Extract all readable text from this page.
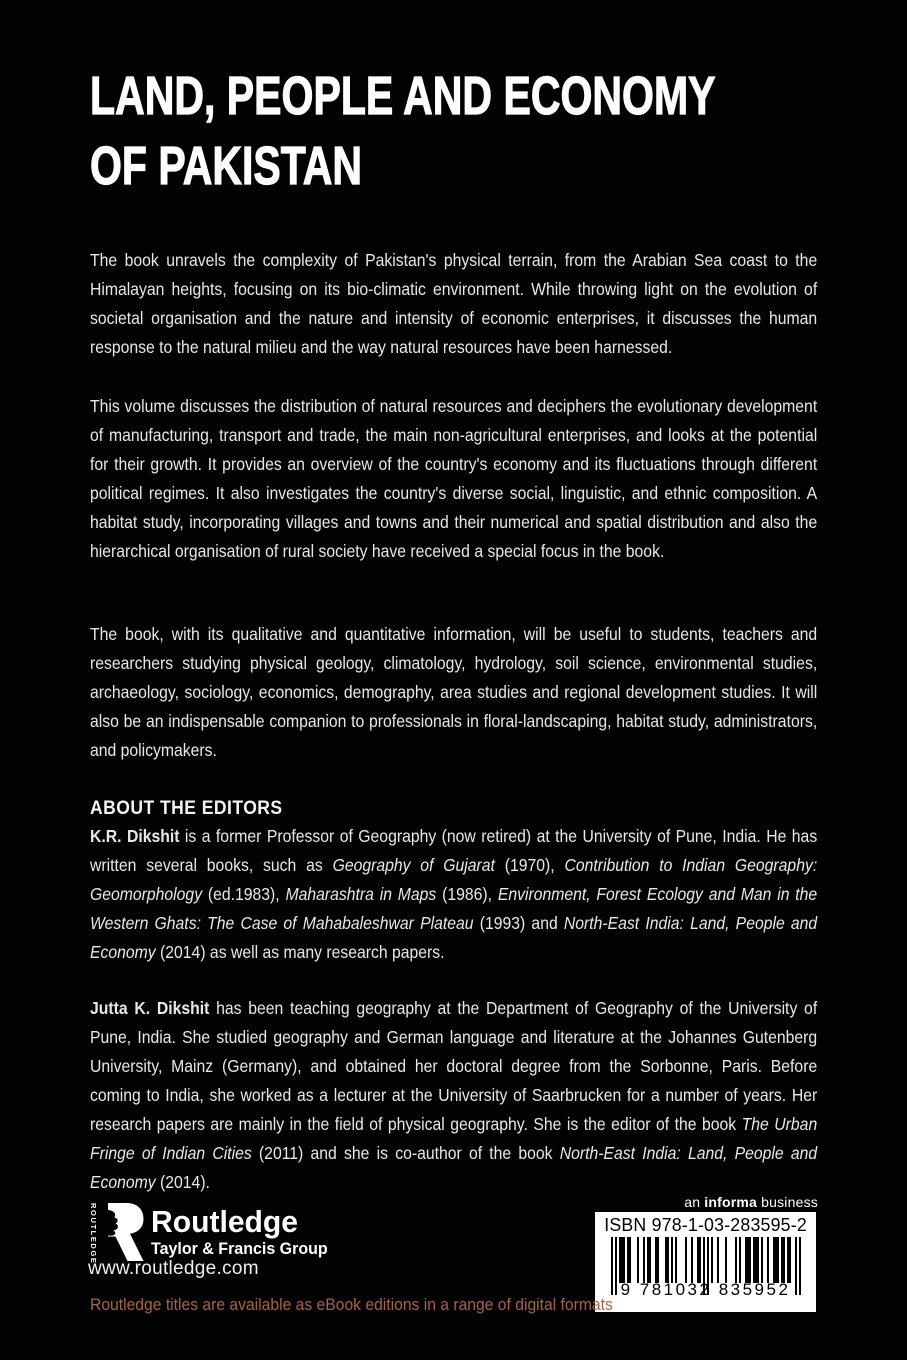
LAND, PEOPLE AND ECONOMY
OF PAKISTAN

The book unravels the complexity of Pakistan's physical terrain, from the Arabian Sea coast to the Himalayan heights, focusing on its bio-climatic environment. While throwing light on the evolution of societal organisation and the nature and intensity of economic enterprises, it discusses the human response to the natural milieu and the way natural resources have been harnessed.

This volume discusses the distribution of natural resources and deciphers the evolutionary development of manufacturing, transport and trade, the main non-agricultural enterprises, and looks at the potential for their growth. It provides an overview of the country's economy and its fluctuations through different political regimes. It also investigates the country's diverse social, linguistic, and ethnic composition. A habitat study, incorporating villages and towns and their numerical and spatial distribution and also the hierarchical organisation of rural society have received a special focus in the book.

The book, with its qualitative and quantitative information, will be useful to students, teachers and researchers studying physical geology, climatology, hydrology, soil science, environmental studies, archaeology, sociology, economics, demography, area studies and regional development studies. It will also be an indispensable companion to professionals in floral-landscaping, habitat study, administrators, and policymakers.

ABOUT THE EDITORS

K.R. Dikshit is a former Professor of Geography (now retired) at the University of Pune, India. He has written several books, such as Geography of Gujarat (1970), Contribution to Indian Geography: Geomorphology (ed.1983), Maharashtra in Maps (1986), Environment, Forest Ecology and Man in the Western Ghats: The Case of Mahabaleshwar Plateau (1993) and North-East India: Land, People and Economy (2014) as well as many research papers.

Jutta K. Dikshit has been teaching geography at the Department of Geography of the University of Pune, India. She studied geography and German language and literature at the Johannes Gutenberg University, Mainz (Germany), and obtained her doctoral degree from the Sorbonne, Paris. Before coming to India, she worked as a lecturer at the University of Saarbrucken for a number of years. Her research papers are mainly in the field of physical geography. She is the editor of the book The Urban Fringe of Indian Cities (2011) and she is co-author of the book North-East India: Land, People and Economy (2014).

ROUTLEDGE Routledge
Taylor & Francis Group
www.routledge.com
an informa business
ISBN 978-1-03-283595-2
9 781032 835952
Routledge titles are available as eBook editions in a range of digital formats
